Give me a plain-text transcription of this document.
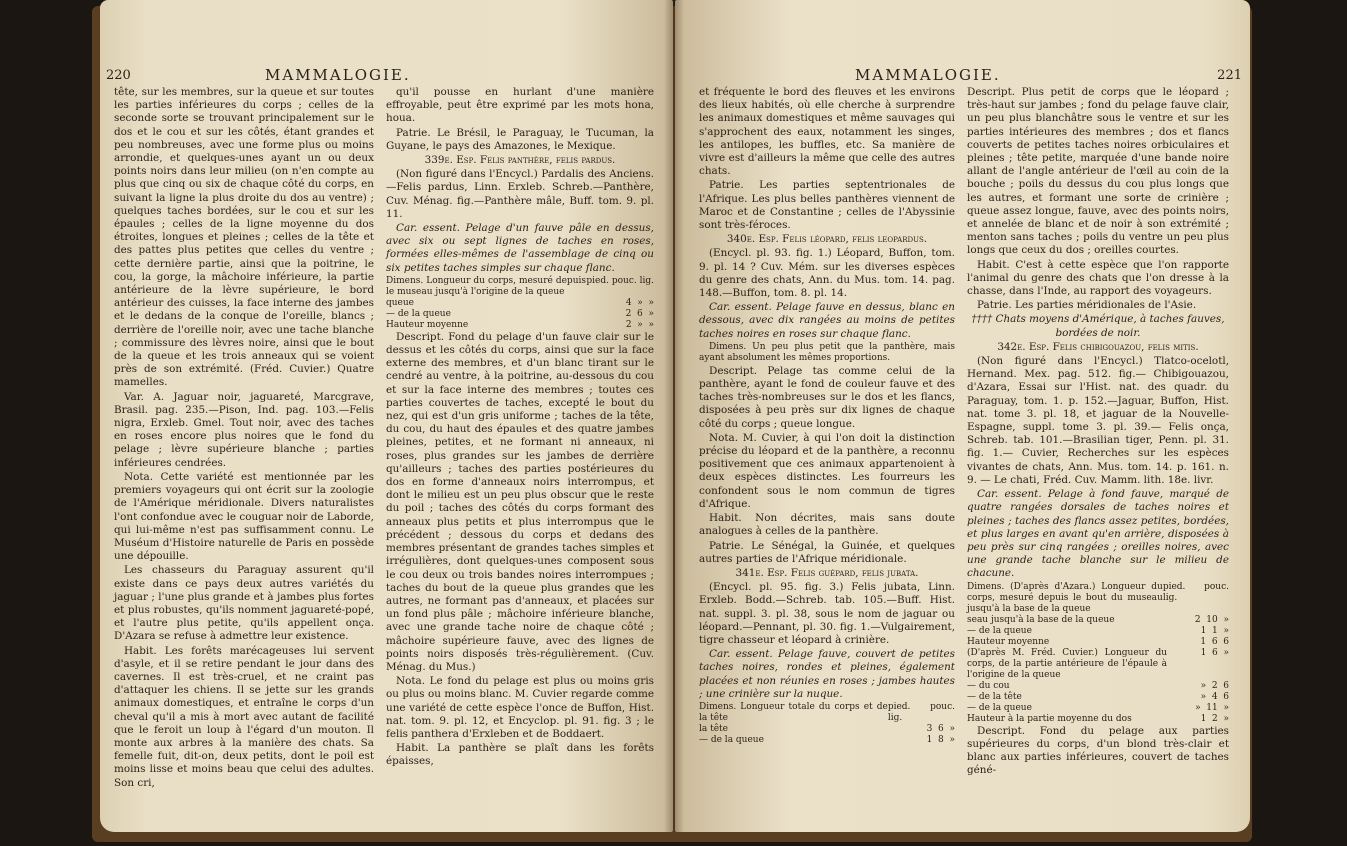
220	MAMMALOGIE.

tête, sur les membres, sur la queue et sur toutes les parties inférieures du corps ; celles de la seconde sorte se trouvant principalement sur le dos et le cou et sur les côtés, étant grandes et peu nombreuses, avec une forme plus ou moins arrondie, et quelques-unes ayant un ou deux points noirs dans leur milieu (on n'en compte au plus que cinq ou six de chaque côté du corps, en suivant la ligne la plus droite du dos au ventre) ; quelques taches bordées, sur le cou et sur les épaules ; celles de la ligne moyenne du dos étroites, longues et pleines ; celles de la tête et des pattes plus petites que celles du ventre ; cette dernière partie, ainsi que la poitrine, le cou, la gorge, la mâchoire inférieure, la partie antérieure de la lèvre supérieure, le bord antérieur des cuisses, la face interne des jambes et le dedans de la conque de l'oreille, blancs ; derrière de l'oreille noir, avec une tache blanche ; commissure des lèvres noire, ainsi que le bout de la queue et les trois anneaux qui se voient près de son extrémité. (Fréd. Cuvier.) Quatre mamelles.

Var. A. Jaguar noir, jaguareté, Marcgrave, Brasil. pag. 235.—Pison, Ind. pag. 103.—Felis nigra, Erxleb. Gmel. Tout noir, avec des taches en roses encore plus noires que le fond du pelage ; lèvre supérieure blanche ; parties inférieures cendrées.

Nota. Cette variété est mentionnée par les premiers voyageurs qui ont écrit sur la zoologie de l'Amérique méridionale. Divers naturalistes l'ont confondue avec le couguar noir de Laborde, qui lui-même n'est pas suffisamment connu. Le Muséum d'Histoire naturelle de Paris en possède une dépouille.

Les chasseurs du Paraguay assurent qu'il existe dans ce pays deux autres variétés du jaguar ; l'une plus grande et à jambes plus fortes et plus robustes, qu'ils nomment jaguareté-popé, et l'autre plus petite, qu'ils appellent onça. D'Azara se refuse à admettre leur existence.

Habit. Les forêts marécageuses lui servent d'asyle, et il se retire pendant le jour dans des cavernes. Il est très-cruel, et ne craint pas d'attaquer les chiens. Il se jette sur les grands animaux domestiques, et entraîne le corps d'un cheval qu'il a mis à mort avec autant de facilité que le feroit un loup à l'égard d'un mouton. Il monte aux arbres à la manière des chats. Sa femelle fuit, dit-on, deux petits, dont le poil est moins lisse et moins beau que celui des adultes. Son cri,

qu'il pousse en hurlant d'une manière effroyable, peut être exprimé par les mots hona, houa.

Patrie. Le Brésil, le Paraguay, le Tucuman, la Guyane, le pays des Amazones, le Mexique.

339e. Esp. Felis panthère, felis pardus.

(Non figuré dans l'Encycl.) Pardalis des Anciens.—Felis pardus, Linn. Erxleb. Schreb.—Panthère, Cuv. Ménag. fig.—Panthère mâle, Buff. tom. 9. pl. 11.

Car. essent. Pelage d'un fauve pâle en dessus, avec six ou sept lignes de taches en roses, formées elles-mêmes de l'assemblage de cinq ou six petites taches simples sur chaque flanc.

Dimens. Longueur du corps, mesuré depuis le museau jusqu'à l'origine de la queue
pied. pouc. lig.
queue	4  »  »
— de la queue	2  6  »
Hauteur moyenne	2  »  »

Descript. Fond du pelage d'un fauve clair sur le dessus et les côtés du corps, ainsi que sur la face externe des membres, et d'un blanc tirant sur le cendré au ventre, à la poitrine, au-dessous du cou et sur la face interne des membres ; toutes ces parties couvertes de taches, excepté le bout du nez, qui est d'un gris uniforme ; taches de la tête, du cou, du haut des épaules et des quatre jambes pleines, petites, et ne formant ni anneaux, ni roses, plus grandes sur les jambes de derrière qu'ailleurs ; taches des parties postérieures du dos en forme d'anneaux noirs interrompus, et dont le milieu est un peu plus obscur que le reste du poil ; taches des côtés du corps formant des anneaux plus petits et plus interrompus que le précédent ; dessous du corps et dedans des membres présentant de grandes taches simples et irrégulières, dont quelques-unes composent sous le cou deux ou trois bandes noires interrompues ; taches du bout de la queue plus grandes que les autres, ne formant pas d'anneaux, et placées sur un fond plus pâle ; mâchoire inférieure blanche, avec une grande tache noire de chaque côté ; mâchoire supérieure fauve, avec des lignes de points noirs disposés très-régulièrement. (Cuv. Ménag. du Mus.)

Nota. Le fond du pelage est plus ou moins gris ou plus ou moins blanc. M. Cuvier regarde comme une variété de cette espèce l'once de Buffon, Hist. nat. tom. 9. pl. 12, et Encyclop. pl. 91. fig. 3 ; le felis panthera d'Erxleben et de Boddaert.

Habit. La panthère se plaît dans les forêts épaisses,

MAMMALOGIE.	221

et fréquente le bord des fleuves et les environs des lieux habités, où elle cherche à surprendre les animaux domestiques et même sauvages qui s'approchent des eaux, notamment les singes, les antilopes, les buffles, etc. Sa manière de vivre est d'ailleurs la même que celle des autres chats.

Patrie. Les parties septentrionales de l'Afrique. Les plus belles panthères viennent de Maroc et de Constantine ; celles de l'Abyssinie sont très-féroces.

340e. Esp. Felis léopard, felis leopardus.

(Encycl. pl. 93. fig. 1.) Léopard, Buffon, tom. 9. pl. 14 ? Cuv. Mém. sur les diverses espèces du genre des chats, Ann. du Mus. tom. 14. pag. 148.—Buffon, tom. 8. pl. 14.

Car. essent. Pelage fauve en dessus, blanc en dessous, avec dix rangées au moins de petites taches noires en roses sur chaque flanc.

Dimens. Un peu plus petit que la panthère, mais ayant absolument les mêmes proportions.

Descript. Pelage tas comme celui de la panthère, ayant le fond de couleur fauve et des taches très-nombreuses sur le dos et les flancs, disposées à peu près sur dix lignes de chaque côté du corps ; queue longue.

Nota. M. Cuvier, à qui l'on doit la distinction précise du léopard et de la panthère, a reconnu positivement que ces animaux appartenoient à deux espèces distinctes. Les fourreurs les confondent sous le nom commun de tigres d'Afrique.

Habit. Non décrites, mais sans doute analogues à celles de la panthère.

Patrie. Le Sénégal, la Guinée, et quelques autres parties de l'Afrique méridionale.

341e. Esp. Felis guépard, felis jubata.

(Encycl. pl. 95. fig. 3.) Felis jubata, Linn. Erxleb. Bodd.—Schreb. tab. 105.—Buff. Hist. nat. suppl. 3. pl. 38, sous le nom de jaguar ou léopard.—Pennant, pl. 30. fig. 1.—Vulgairement, tigre chasseur et léopard à crinière.

Car. essent. Pelage fauve, couvert de petites taches noires, rondes et pleines, également placées et non réunies en roses ; jambes hautes ; une crinière sur la nuque.

Dimens. Longueur totale du corps et de la tête
pied. pouc. lig.
la tête	3  6  »
— de la queue	1  8  »

Descript. Plus petit de corps que le léopard ; très-haut sur jambes ; fond du pelage fauve clair, un peu plus blanchâtre sous le ventre et sur les parties intérieures des membres ; dos et flancs couverts de petites taches noires orbiculaires et pleines ; tête petite, marquée d'une bande noire allant de l'angle antérieur de l'œil au coin de la bouche ; poils du dessus du cou plus longs que les autres, et formant une sorte de crinière ; queue assez longue, fauve, avec des points noirs, et annelée de blanc et de noir à son extrémité ; menton sans taches ; poils du ventre un peu plus longs que ceux du dos ; oreilles courtes.

Habit. C'est à cette espèce que l'on rapporte l'animal du genre des chats que l'on dresse à la chasse, dans l'Inde, au rapport des voyageurs.

Patrie. Les parties méridionales de l'Asie.

†††† Chats moyens d'Amérique, à taches fauves, bordées de noir.

342e. Esp. Felis chibigouazou, felis mitis.

(Non figuré dans l'Encycl.) Tlatco-ocelotl, Hernand. Mex. pag. 512. fig.— Chibigouazou, d'Azara, Essai sur l'Hist. nat. des quadr. du Paraguay, tom. 1. p. 152.—Jaguar, Buffon, Hist. nat. tome 3. pl. 18, et jaguar de la Nouvelle-Espagne, suppl. tome 3. pl. 39.— Felis onça, Schreb. tab. 101.—Brasilian tiger, Penn. pl. 31. fig. 1.— Cuvier, Recherches sur les espèces vivantes de chats, Ann. Mus. tom. 14. p. 161. n. 9. — Le chati, Fréd. Cuv. Mamm. lith. 18e. livr.

Car. essent. Pelage à fond fauve, marqué de quatre rangées dorsales de taches noires et pleines ; taches des flancs assez petites, bordées, et plus larges en avant qu'en arrière, disposées à peu près sur cinq rangées ; oreilles noires, avec une grande tache blanche sur le milieu de chacune.

Dimens. (D'après d'Azara.) Longueur du corps, mesuré depuis le bout du museau jusqu'à la base de la queue
pied. pouc. lig.
seau jusqu'à la base de la queue	2  10  »
— de la queue	1  1  »
Hauteur moyenne	1  6  6
(D'après M. Fréd. Cuvier.) Longueur du corps, de la partie antérieure de l'épaule à l'origine de la queue
1  6  »
— du cou	»  2  6
— de la tête	»  4  6
— de la queue	»  11  »
Hauteur à la partie moyenne du dos	1  2  »

Descript. Fond du pelage aux parties supérieures du corps, d'un blond très-clair et blanc aux parties inférieures, couvert de taches géné-
